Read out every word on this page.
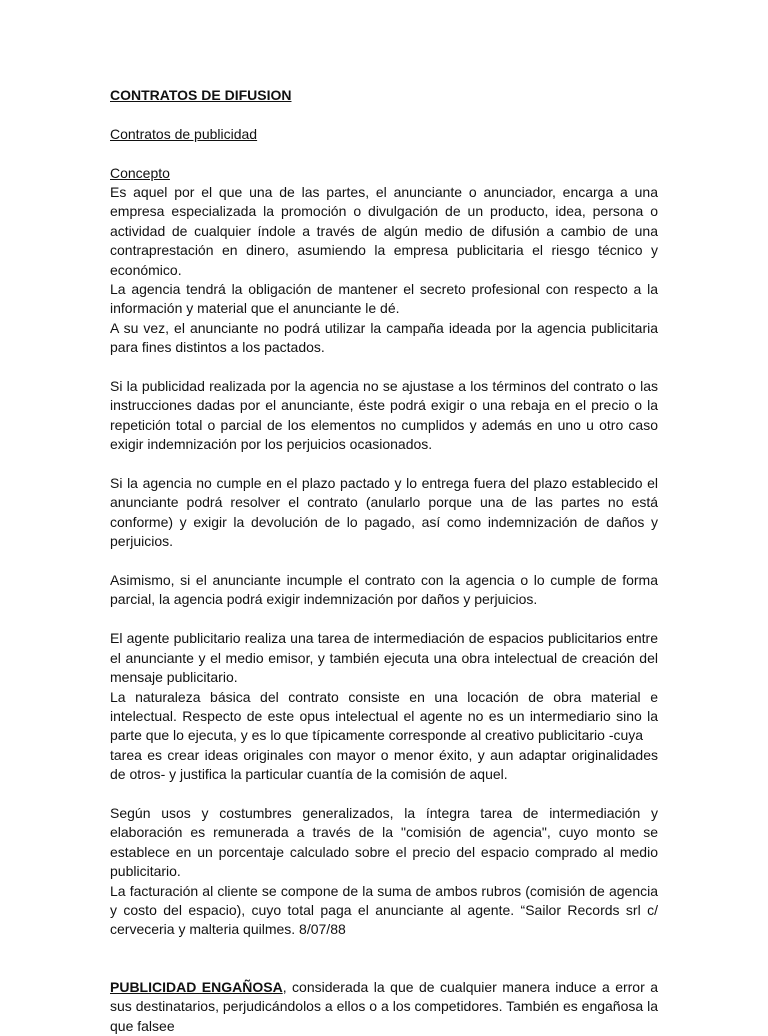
CONTRATOS DE DIFUSION

Contratos de publicidad

Concepto

Es aquel por el que una de las partes, el anunciante o anunciador, encarga a una empresa especializada la promoción o divulgación de un producto, idea, persona o actividad de cualquier índole a través de algún medio de difusión a cambio de una contraprestación en dinero, asumiendo la empresa publicitaria el riesgo técnico y económico.

La agencia tendrá la obligación de mantener el secreto profesional con respecto a la información y material que el anunciante le dé.

A su vez, el anunciante no podrá utilizar la campaña ideada por la agencia publicitaria para fines distintos a los pactados.

Si la publicidad realizada por la agencia no se ajustase a los términos del contrato o las instrucciones dadas por el anunciante, éste podrá exigir o una rebaja en el precio o la repetición total o parcial de los elementos no cumplidos y además en uno u otro caso exigir indemnización por los perjuicios ocasionados.

Si la agencia no cumple en el plazo pactado y lo entrega fuera del plazo establecido el anunciante podrá resolver el contrato (anularlo porque una de las partes no está conforme) y exigir la devolución de lo pagado, así como indemnización de daños y perjuicios.

Asimismo, si el anunciante incumple el contrato con la agencia o lo cumple de forma parcial, la agencia podrá exigir indemnización por daños y perjuicios.

El agente publicitario realiza una tarea de intermediación de espacios publicitarios entre el anunciante y el medio emisor, y también ejecuta una obra intelectual de creación del mensaje publicitario.

La naturaleza básica del contrato consiste en una locación de obra material e intelectual. Respecto de este opus intelectual el agente no es un intermediario sino la parte que lo ejecuta, y es lo que típicamente corresponde al creativo publicitario -cuya

tarea es crear ideas originales con mayor o menor éxito, y aun adaptar originalidades de otros- y justifica la particular cuantía de la comisión de aquel.

Según usos y costumbres generalizados, la íntegra tarea de intermediación y elaboración es remunerada a través de la "comisión de agencia", cuyo monto se establece en un porcentaje calculado sobre el precio del espacio comprado al medio publicitario.

La facturación al cliente se compone de la suma de ambos rubros (comisión de agencia y costo del espacio), cuyo total paga el anunciante al agente. “Sailor Records srl c/ cerveceria y malteria quilmes. 8/07/88

PUBLICIDAD ENGAÑOSA, considerada la que de cualquier manera induce a error a sus destinatarios, perjudicándolos a ellos o a los competidores. También es engañosa la que falsee
